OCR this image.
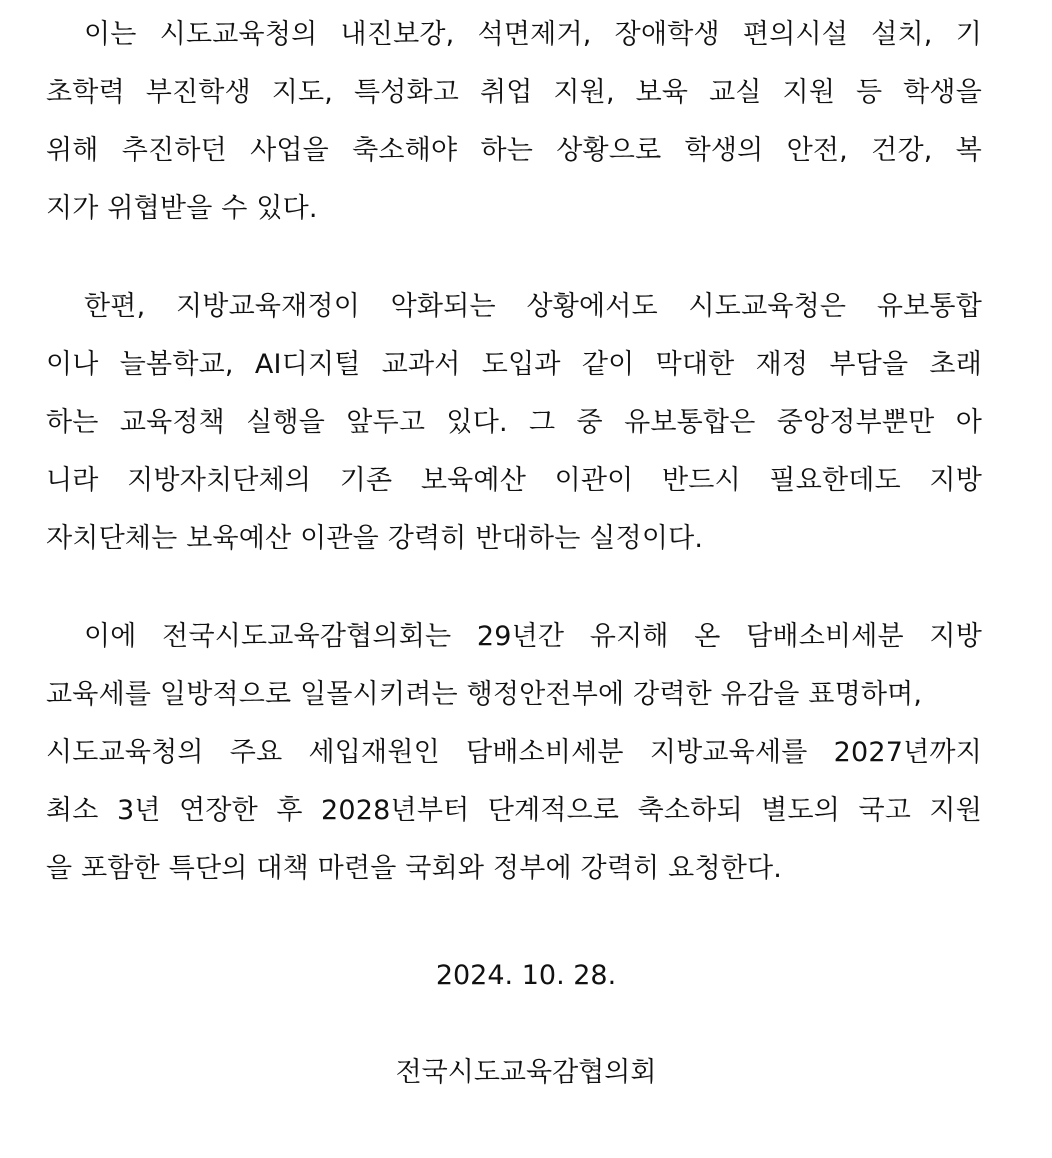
이는 시도교육청의 내진보강, 석면제거, 장애학생 편의시설 설치, 기
초학력 부진학생 지도, 특성화고 취업 지원, 보육 교실 지원 등 학생을
위해 추진하던 사업을 축소해야 하는 상황으로 학생의 안전, 건강, 복
지가 위협받을 수 있다.
한편, 지방교육재정이 악화되는 상황에서도 시도교육청은 유보통합
이나 늘봄학교, AI디지털 교과서 도입과 같이 막대한 재정 부담을 초래
하는 교육정책 실행을 앞두고 있다. 그 중 유보통합은 중앙정부뿐만 아
니라 지방자치단체의 기존 보육예산 이관이 반드시 필요한데도 지방
자치단체는 보육예산 이관을 강력히 반대하는 실정이다.
이에 전국시도교육감협의회는 29년간 유지해 온 담배소비세분 지방
교육세를 일방적으로 일몰시키려는 행정안전부에 강력한 유감을 표명하며,
시도교육청의 주요 세입재원인 담배소비세분 지방교육세를 2027년까지
최소 3년 연장한 후 2028년부터 단계적으로 축소하되 별도의 국고 지원
을 포함한 특단의 대책 마련을 국회와 정부에 강력히 요청한다.
2024. 10. 28.
전국시도교육감협의회
